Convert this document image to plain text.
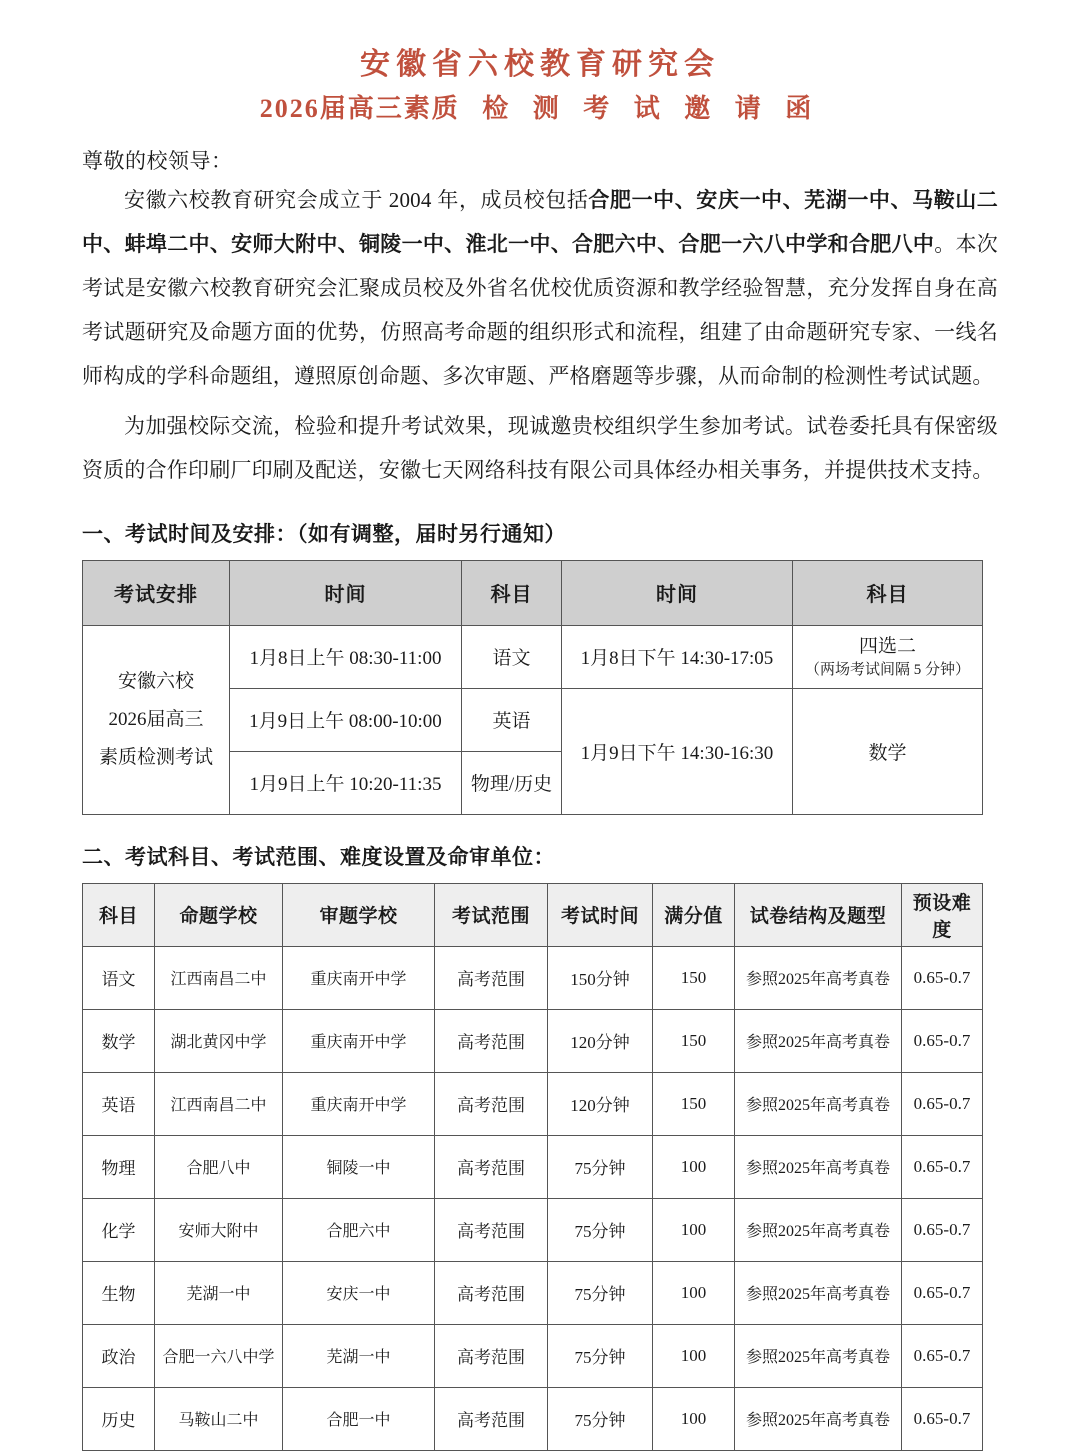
安徽省六校教育研究会
2026届高三素质 检 测 考 试 邀 请 函
尊敬的校领导：

安徽六校教育研究会成立于 2004 年，成员校包括合肥一中、安庆一中、芜湖一中、马鞍山二中、蚌埠二中、安师大附中、铜陵一中、淮北一中、合肥六中、合肥一六八中学和合肥八中。本次考试是安徽六校教育研究会汇聚成员校及外省名优校优质资源和教学经验智慧，充分发挥自身在高考试题研究及命题方面的优势，仿照高考命题的组织形式和流程，组建了由命题研究专家、一线名师构成的学科命题组，遵照原创命题、多次审题、严格磨题等步骤，从而命制的检测性考试试题。

为加强校际交流，检验和提升考试效果，现诚邀贵校组织学生参加考试。试卷委托具有保密级资质的合作印刷厂印刷及配送，安徽七天网络科技有限公司具体经办相关事务，并提供技术支持。

一、考试时间及安排：（如有调整，届时另行通知）
考试安排	时间	科目	时间	科目

安徽六校
2026届高三
素质检测考试
	1月8日上午 08:30-11:00	语文	1月8日下午 14:30-17:05	四选二
（两场考试间隔 5 分钟）

	1月9日上午 08:00-10:00	英语	1月9日下午 14:30-16:30	数学
	1月9日上午 10:20-11:35	物理/历史		
二、考试科目、考试范围、难度设置及命审单位：
科目	命题学校	审题学校	考试范围	考试时间	满分值	试卷结构及题型	预设难度
语文	江西南昌二中	重庆南开中学	高考范围	150分钟	150	参照2025年高考真卷	0.65-0.7
数学	湖北黄冈中学	重庆南开中学	高考范围	120分钟	150	参照2025年高考真卷	0.65-0.7
英语	江西南昌二中	重庆南开中学	高考范围	120分钟	150	参照2025年高考真卷	0.65-0.7
物理	合肥八中	铜陵一中	高考范围	75分钟	100	参照2025年高考真卷	0.65-0.7
化学	安师大附中	合肥六中	高考范围	75分钟	100	参照2025年高考真卷	0.65-0.7
生物	芜湖一中	安庆一中	高考范围	75分钟	100	参照2025年高考真卷	0.65-0.7
政治	合肥一六八中学	芜湖一中	高考范围	75分钟	100	参照2025年高考真卷	0.65-0.7
历史	马鞍山二中	合肥一中	高考范围	75分钟	100	参照2025年高考真卷	0.65-0.7
